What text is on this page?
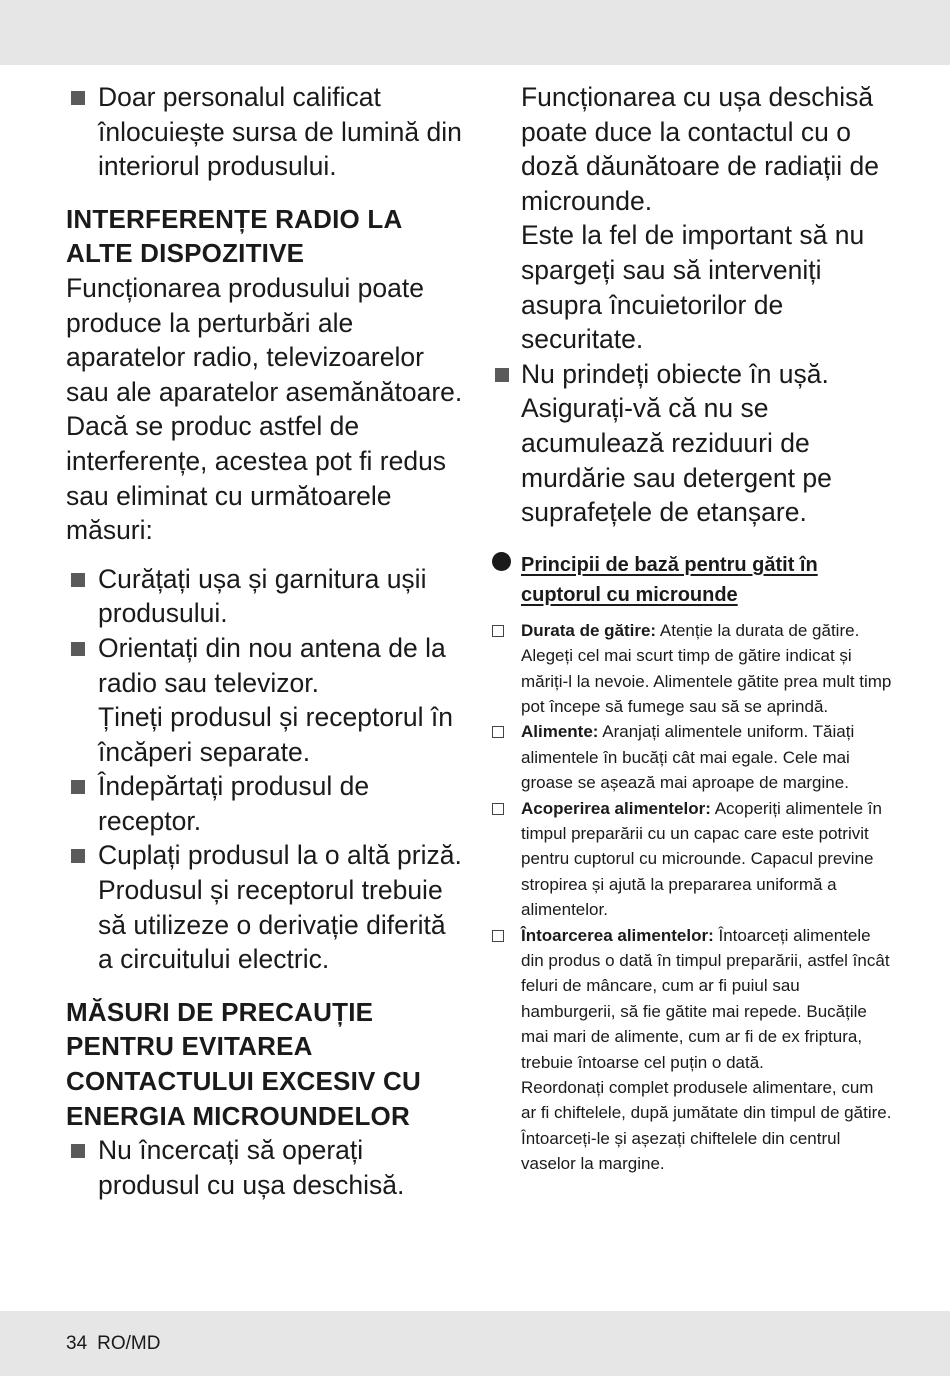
Doar personalul calificat înlocuiește sursa de lumină din interiorul produsului.
INTERFERENȚE RADIO LA ALTE DISPOZITIVE

Funcționarea produsului poate produce la perturbări ale aparatelor radio, televizoarelor sau ale aparatelor asemănătoare. Dacă se produc astfel de interferențe, acestea pot fi redus sau eliminat cu următoarele măsuri:

Curățați ușa și garnitura ușii produsului.
Orientați din nou antena de la radio sau televizor.
Țineți produsul și receptorul în încăperi separate.
Îndepărtați produsul de receptor.
Cuplați produsul la o altă priză. Produsul și receptorul trebuie să utilizeze o derivație diferită a circuitului electric.
MĂSURI DE PRECAUȚIE PENTRU EVITAREA CONTACTULUI EXCESIV CU ENERGIA MICROUNDELOR
Nu încercați să operați produsul cu ușa deschisă.

Funcționarea cu ușa deschisă poate duce la contactul cu o doză dăunătoare de radiații de microunde.

Este la fel de important să nu spargeți sau să interveniți asupra încuietorilor de securitate.

Nu prindeți obiecte în ușă. Asigurați-vă că nu se acumulează reziduuri de murdărie sau detergent pe suprafețele de etanșare.
Principii de bază pentru gătit în cuptorul cu microunde
Durata de gătire: Atenție la durata de gătire. Alegeți cel mai scurt timp de gătire indicat și măriți-l la nevoie. Alimentele gătite prea mult timp pot începe să fumege sau să se aprindă.
Alimente: Aranjați alimentele uniform. Tăiați alimentele în bucăți cât mai egale. Cele mai groase se așează mai aproape de margine.
Acoperirea alimentelor: Acoperiți alimentele în timpul preparării cu un capac care este potrivit pentru cuptorul cu microunde. Capacul previne stropirea și ajută la prepararea uniformă a alimentelor.
Întoarcerea alimentelor: Întoarceți alimentele din produs o dată în timpul preparării, astfel încât feluri de mâncare, cum ar fi puiul sau hamburgerii, să fie gătite mai repede. Bucățile mai mari de alimente, cum ar fi de ex friptura, trebuie întoarse cel puțin o dată.
Reordonați complet produsele alimentare, cum ar fi chiftelele, după jumătate din timpul de gătire. Întoarceți-le și așezați chiftelele din centrul vaselor la margine.
34 RO/MD
